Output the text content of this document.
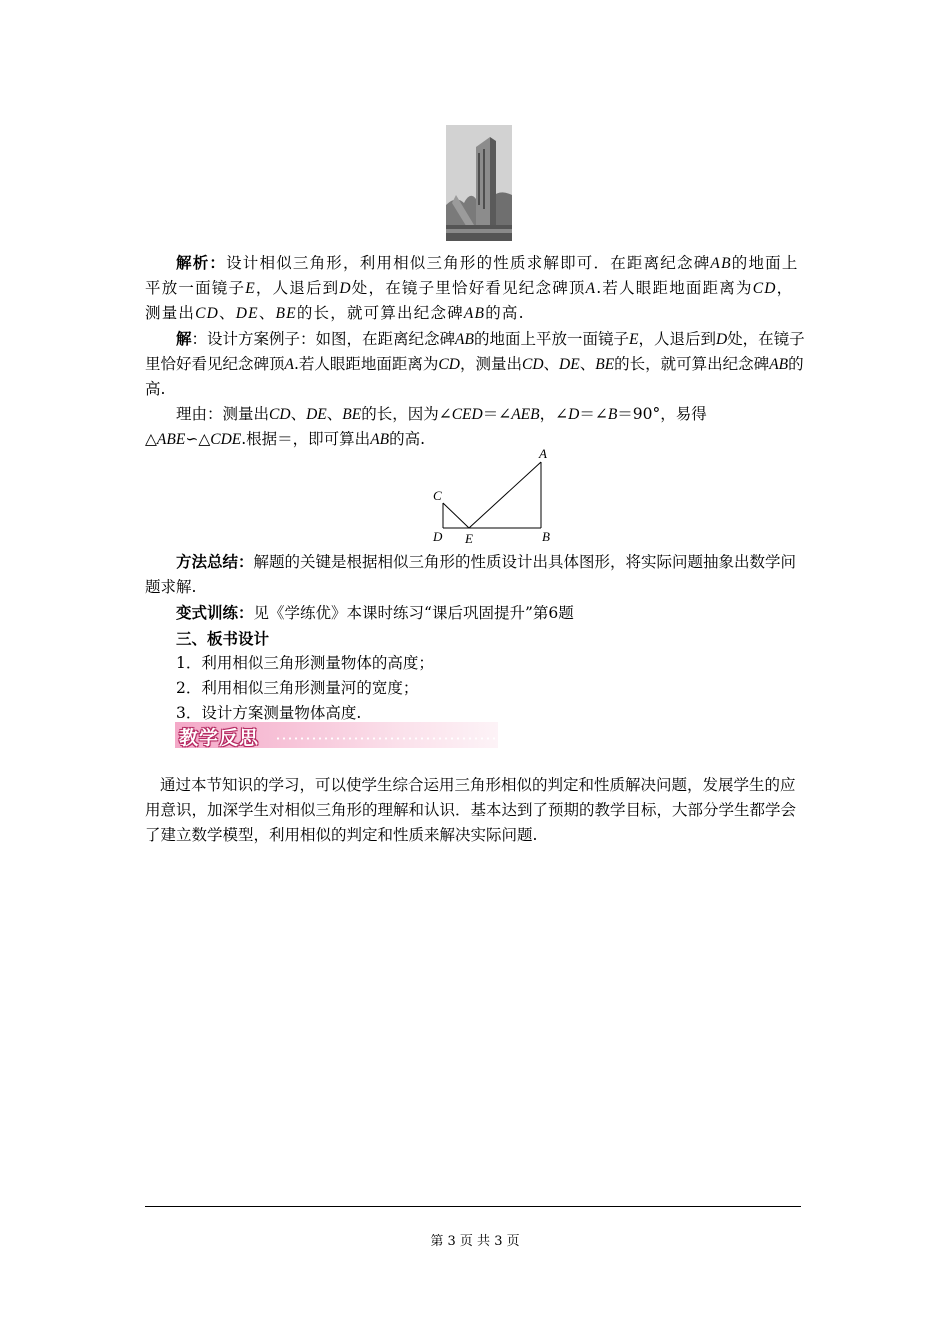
解析：设计相似三角形，利用相似三角形的性质求解即可．在距离纪念碑AB的地面上平放一面镜子E，人退后到D处，在镜子里恰好看见纪念碑顶A.若人眼距地面距离为CD，测量出CD、DE、BE的长，就可算出纪念碑AB的高.

解：设计方案例子：如图，在距离纪念碑AB的地面上平放一面镜子E，人退后到D处，在镜子里恰好看见纪念碑顶A.若人眼距地面距离为CD，测量出CD、DE、BE的长，就可算出纪念碑AB的高.

理由：测量出CD、DE、BE的长，因为∠CED＝∠AEB，∠D＝∠B＝90°，易得△ABE∽△CDE.根据＝，即可算出AB的高.

A
B
C
D E

方法总结：解题的关键是根据相似三角形的性质设计出具体图形，将实际问题抽象出数学问题求解.

变式训练：见《学练优》本课时练习“课后巩固提升”第6题

三、板书设计

1．利用相似三角形测量物体的高度；

2．利用相似三角形测量河的宽度；

3．设计方案测量物体高度.

教学反思

通过本节知识的学习，可以使学生综合运用三角形相似的判定和性质解决问题，发展学生的应用意识，加深学生对相似三角形的理解和认识．基本达到了预期的教学目标，大部分学生都学会了建立数学模型，利用相似的判定和性质来解决实际问题.

第 3 页 共 3 页
